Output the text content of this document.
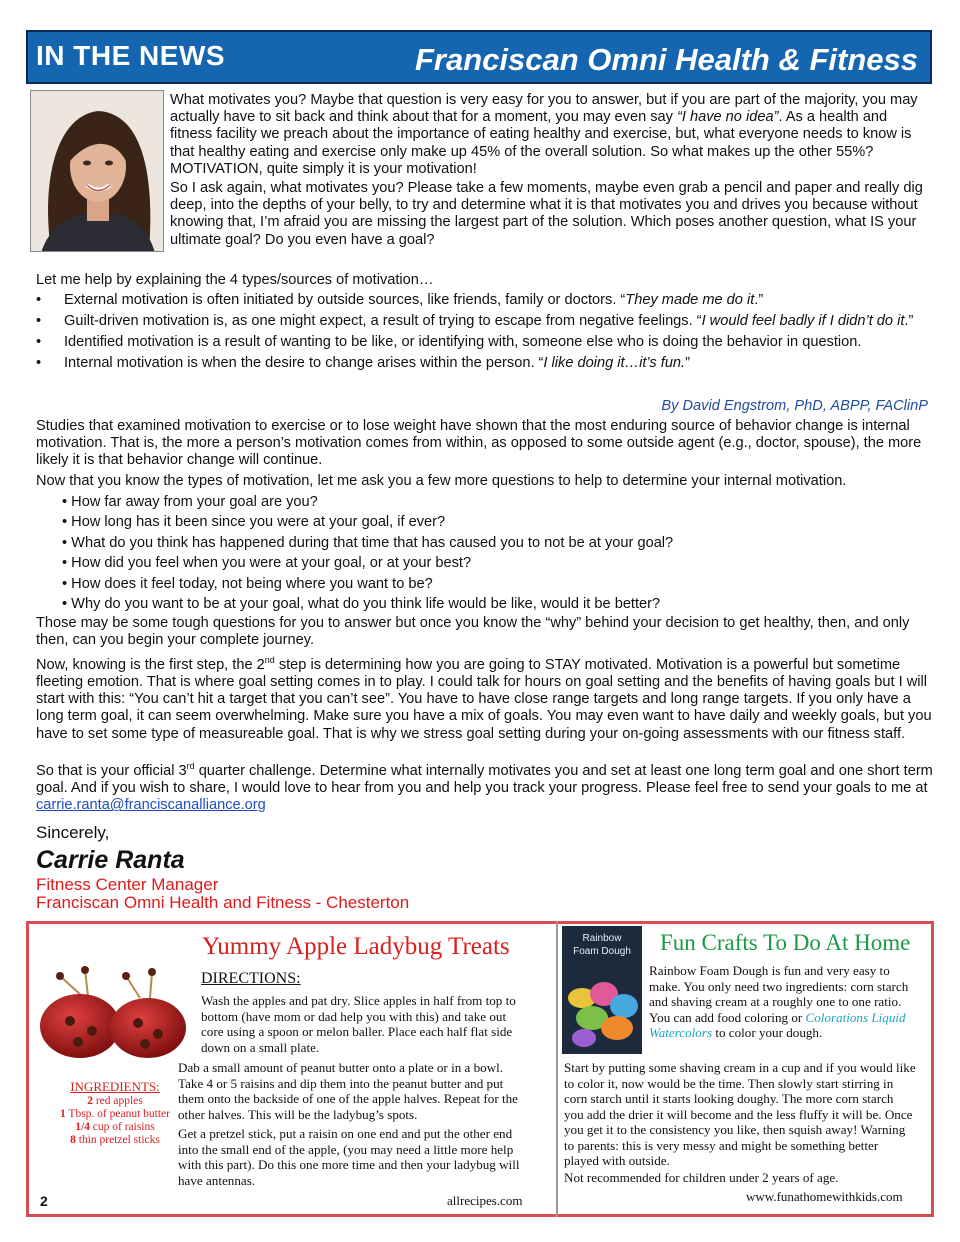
IN THE NEWS	Franciscan Omni Health & Fitness

What motivates you? Maybe that question is very easy for you to answer, but if you are part of the majority, you may actually have to sit back and think about that for a moment, you may even say “I have no idea”. As a health and fitness facility we preach about the importance of eating healthy and exercise, but, what everyone needs to know is that healthy eating and exercise only make up 45% of the overall solution. So what makes up the other 55%? MOTIVATION, quite simply it is your motivation!

So I ask again, what motivates you? Please take a few moments, maybe even grab a pencil and paper and really dig deep, into the depths of your belly, to try and determine what it is that motivates you and drives you because without knowing that, I’m afraid you are missing the largest part of the solution. Which poses another question, what IS your ultimate goal? Do you even have a goal?

Let me help by explaining the 4 types/sources of motivation…

• External motivation is often initiated by outside sources, like friends, family or doctors. “They made me do it.”
• Guilt-driven motivation is, as one might expect, a result of trying to escape from negative feelings. “I would feel badly if I didn’t do it.”
• Identified motivation is a result of wanting to be like, or identifying with, someone else who is doing the behavior in question.
• Internal motivation is when the desire to change arises within the person. “I like doing it…it’s fun.”
By David Engstrom, PhD, ABPP, FAClinP

Studies that examined motivation to exercise or to lose weight have shown that the most enduring source of behavior change is internal motivation. That is, the more a person’s motivation comes from within, as opposed to some outside agent (e.g., doctor, spouse), the more likely it is that behavior change will continue.

Now that you know the types of motivation, let me ask you a few more questions to help to determine your internal motivation.

• How far away from your goal are you?
• How long has it been since you were at your goal, if ever?
• What do you think has happened during that time that has caused you to not be at your goal?
• How did you feel when you were at your goal, or at your best?
• How does it feel today, not being where you want to be?
• Why do you want to be at your goal, what do you think life would be like, would it be better?

Those may be some tough questions for you to answer but once you know the “why” behind your decision to get healthy, then, and only then, can you begin your complete journey.

Now, knowing is the first step, the 2nd step is determining how you are going to STAY motivated. Motivation is a powerful but sometime fleeting emotion. That is where goal setting comes in to play. I could talk for hours on goal setting and the benefits of having goals but I will start with this: “You can’t hit a target that you can’t see”. You have to have close range targets and long range targets. If you only have a long term goal, it can seem overwhelming. Make sure you have a mix of goals. You may even want to have daily and weekly goals, but you have to set some type of measureable goal. That is why we stress goal setting during your on-going assessments with our fitness staff.

So that is your official 3rd quarter challenge. Determine what internally motivates you and set at least one long term goal and one short term goal. And if you wish to share, I would love to hear from you and help you track your progress. Please feel free to send your goals to me at carrie.ranta@franciscanalliance.org

Sincerely,
Carrie Ranta
Fitness Center Manager
Franciscan Omni Health and Fitness - Chesterton
INGREDIENTS:
2 red apples
1 Tbsp. of peanut butter
1/4 cup of raisins
8 thin pretzel sticks
Yummy Apple Ladybug Treats
DIRECTIONS:

Wash the apples and pat dry. Slice apples in half from top to bottom (have mom or dad help you with this) and take out core using a spoon or melon baller. Place each half flat side down on a small plate.

Dab a small amount of peanut butter onto a plate or in a bowl. Take 4 or 5 raisins and dip them into the peanut butter and put them onto the backside of one of the apple halves. Repeat for the other halves. This will be the ladybug’s spots.

Get a pretzel stick, put a raisin on one end and put the other end into the small end of the apple, (you may need a little more help with this part). Do this one more time and then your ladybug will have antennas.

allrecipes.com
Rainbow
Foam Dough	Fun Crafts To Do At Home

Rainbow Foam Dough is fun and very easy to make. You only need two ingredients: corn starch and shaving cream at a roughly one to one ratio. You can add food coloring or Colorations Liquid Watercolors to color your dough.

Start by putting some shaving cream in a cup and if you would like to color it, now would be the time. Then slowly start stirring in corn starch until it starts looking doughy. The more corn starch you add the drier it will become and the less fluffy it will be. Once you get it to the consistency you like, then squish away! Warning to parents: this is very messy and might be something better played with outside.

Not recommended for children under 2 years of age.

www.funathomewithkids.com
2
